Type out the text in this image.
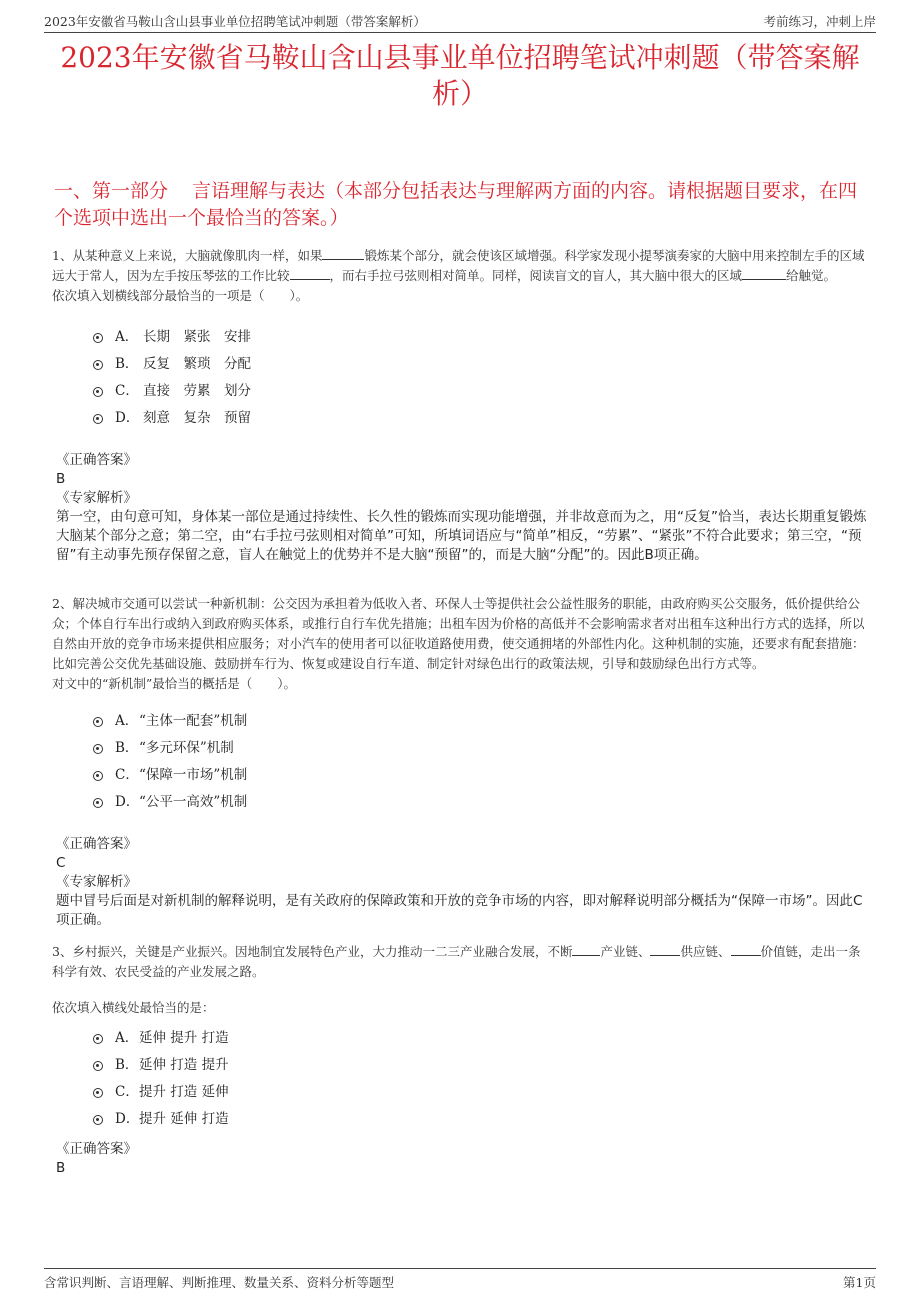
2023年安徽省马鞍山含山县事业单位招聘笔试冲刺题（带答案解析）	考前练习，冲刺上岸
2023年安徽省马鞍山含山县事业单位招聘笔试冲刺题（带答案解析）
一、第一部分 言语理解与表达（本部分包括表达与理解两方面的内容。请根据题目要求，在四个选项中选出一个最恰当的答案。）

1、从某种意义上来说，大脑就像肌肉一样，如果	锻炼某个部分，就会使该区域增强。科学家发现小提琴演奏家的大脑中用来控制左手的区域远大于常人，因为左手按压琴弦的工作比较	，而右手拉弓弦则相对简单。同样，阅读盲文的盲人，其大脑中很大的区域	给触觉。

依次填入划横线部分最恰当的一项是（　　）。

A． 长期　紧张　安排
B． 反复　繁琐　分配
C． 直接　劳累　划分
D． 刻意　复杂　预留
《正确答案》
B
《专家解析》
第一空，由句意可知，身体某一部位是通过持续性、长久性的锻炼而实现功能增强，并非故意而为之，用“反复”恰当，表达长期重复锻炼大脑某个部分之意；第二空，由“右手拉弓弦则相对简单”可知，所填词语应与“简单”相反，“劳累”、“紧张”不符合此要求；第三空，“预留”有主动事先预存保留之意，盲人在触觉上的优势并不是大脑“预留”的，而是大脑“分配”的。因此B项正确。

2、解决城市交通可以尝试一种新机制：公交因为承担着为低收入者、环保人士等提供社会公益性服务的职能，由政府购买公交服务，低价提供给公众；个体自行车出行或纳入到政府购买体系，或推行自行车优先措施；出租车因为价格的高低并不会影响需求者对出租车这种出行方式的选择，所以自然由开放的竞争市场来提供相应服务；对小汽车的使用者可以征收道路使用费，使交通拥堵的外部性内化。这种机制的实施，还要求有配套措施：比如完善公交优先基础设施、鼓励拼车行为、恢复或建设自行车道、制定针对绿色出行的政策法规，引导和鼓励绿色出行方式等。

对文中的“新机制”最恰当的概括是（　　）。

A． “主体一配套”机制
B． “多元环保”机制
C． “保障一市场”机制
D． “公平一高效”机制
《正确答案》
C
《专家解析》
题中冒号后面是对新机制的解释说明，是有关政府的保障政策和开放的竞争市场的内容，即对解释说明部分概括为“保障一市场”。因此C项正确。

3、乡村振兴，关键是产业振兴。因地制宜发展特色产业，大力推动一二三产业融合发展，不断 产业链、 供应链、 价值链，走出一条科学有效、农民受益的产业发展之路。

依次填入横线处最恰当的是：

A． 延伸 提升 打造
B． 延伸 打造 提升
C． 提升 打造 延伸
D． 提升 延伸 打造
《正确答案》
B
含常识判断、言语理解、判断推理、数量关系、资料分析等题型	第1页
